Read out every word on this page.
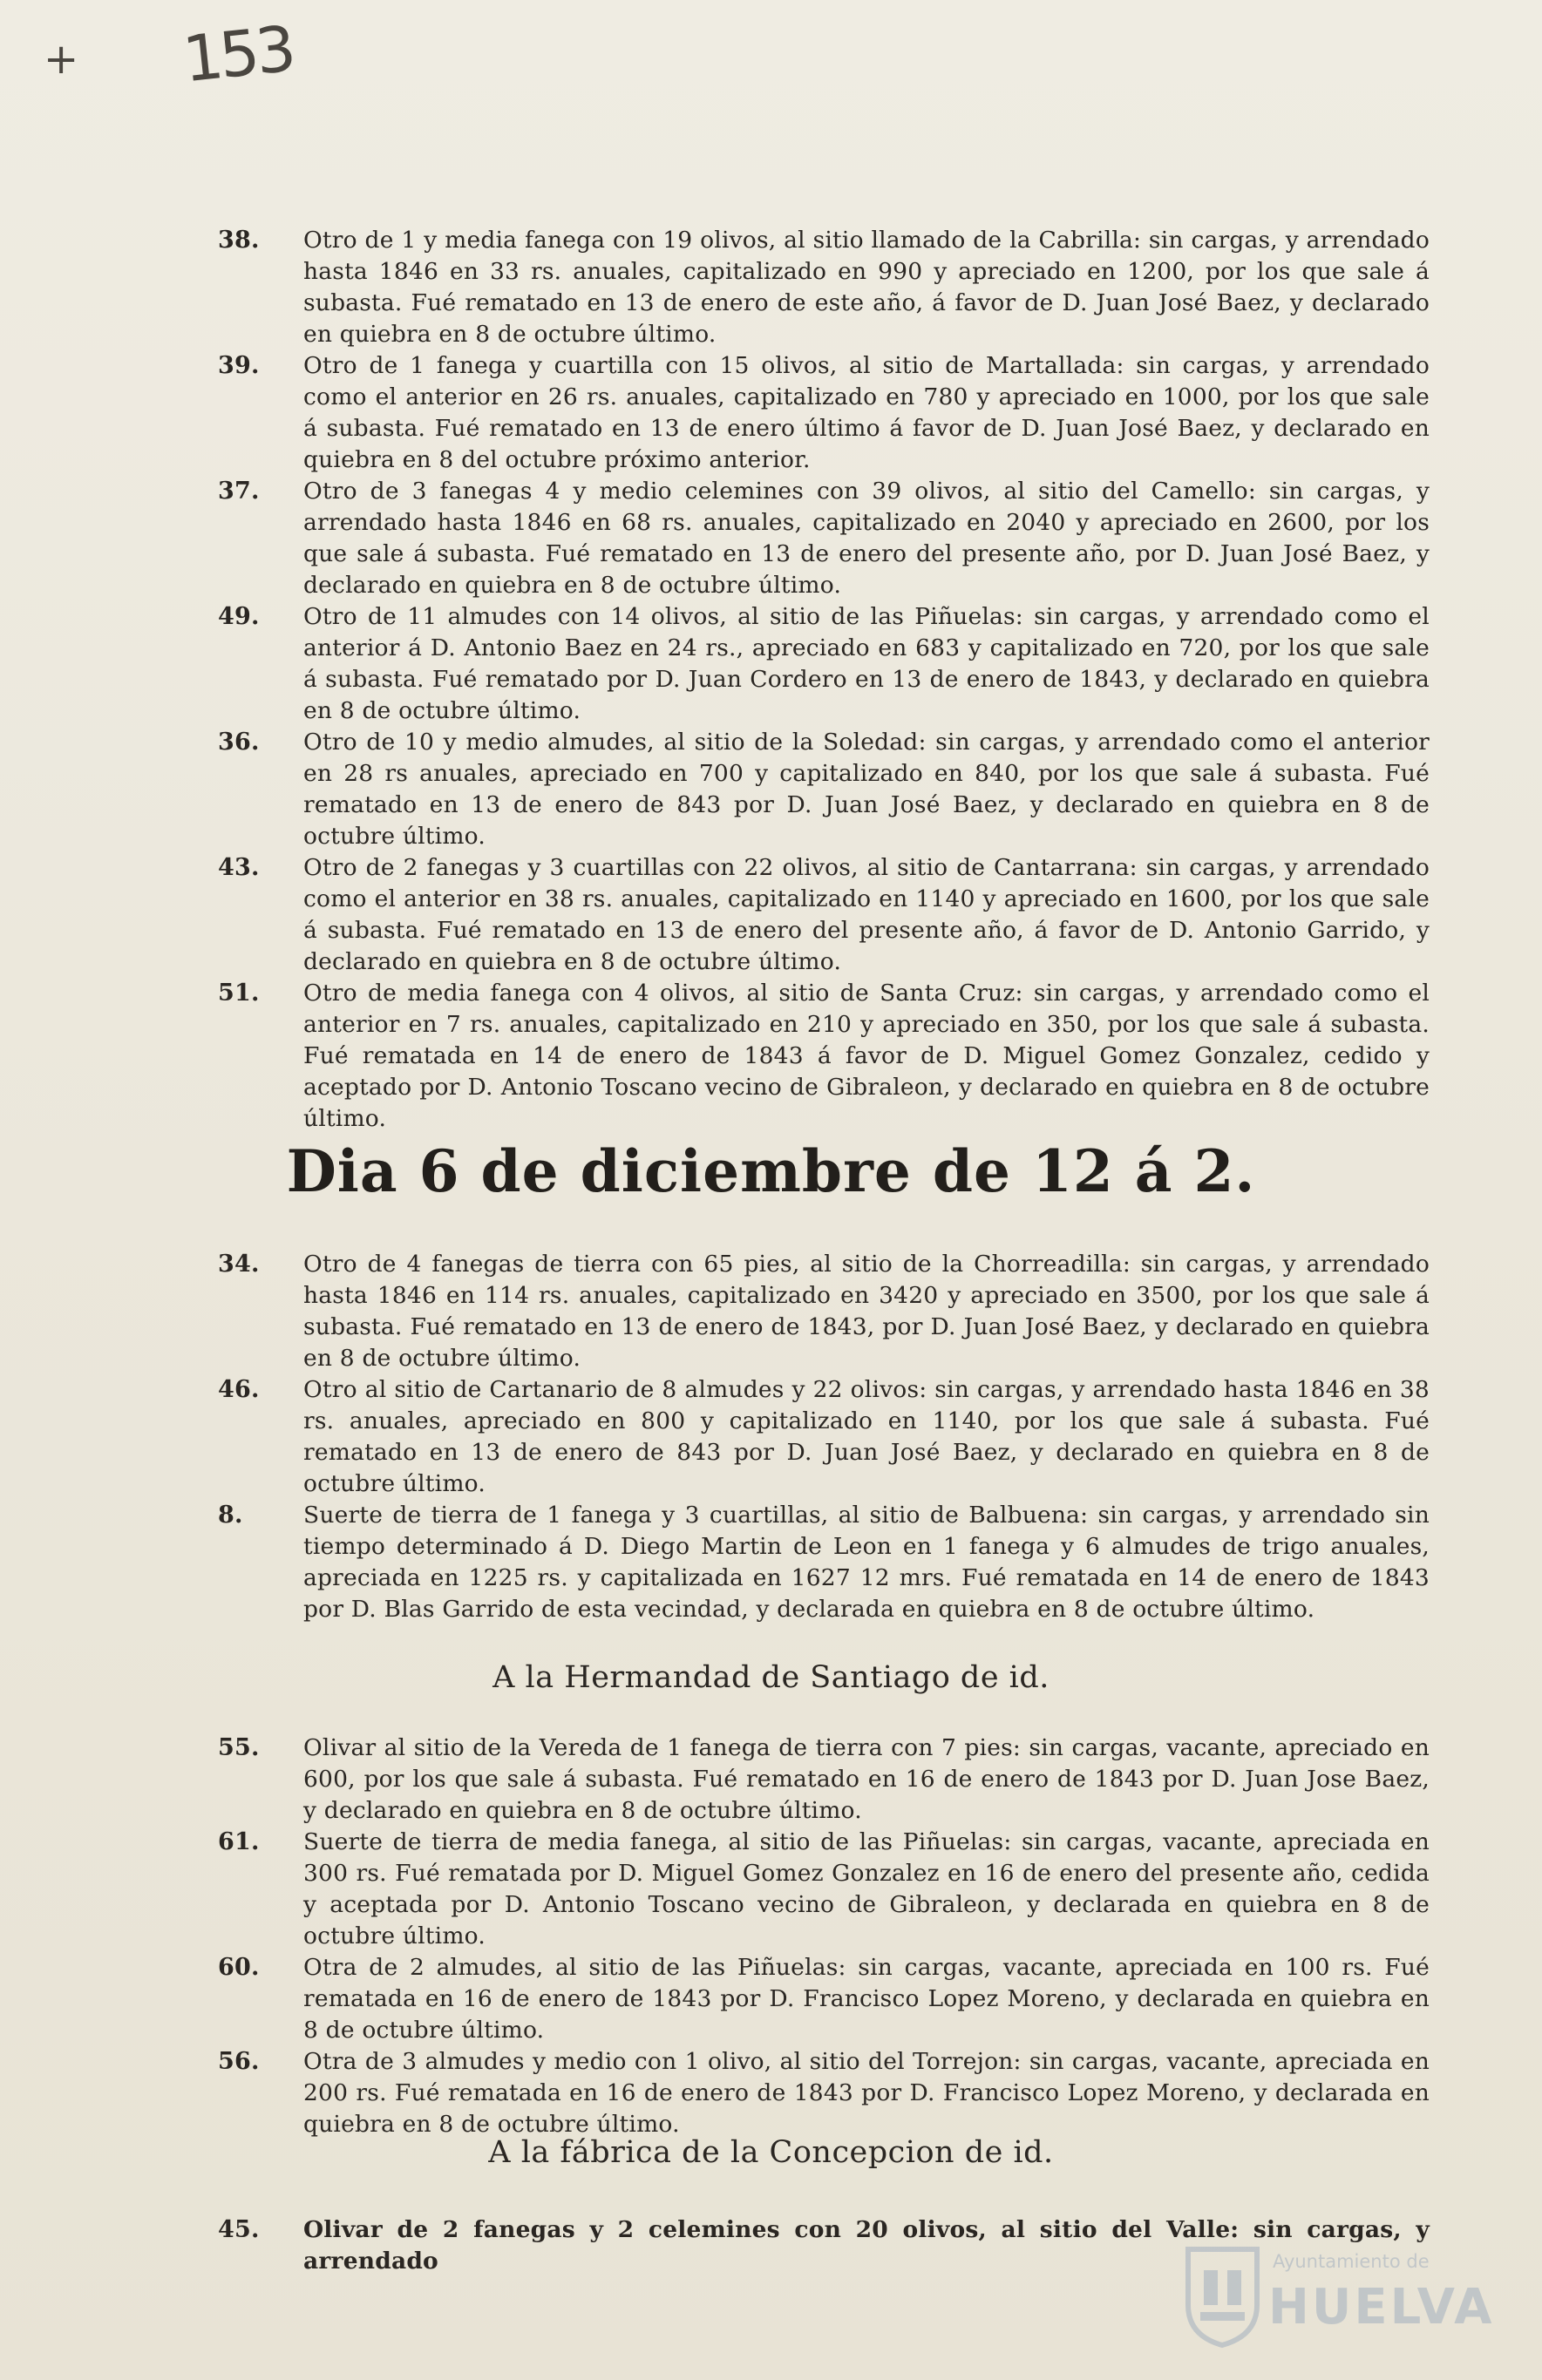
+ 153
38. Otro de 1 y media fanega con 19 olivos, al sitio llamado de la Cabrilla: sin cargas, y arrendado hasta 1846 en 33 rs. anuales, capitalizado en 990 y apreciado en 1200, por los que sale á subasta. Fué rematado en 13 de enero de este año, á favor de D. Juan José Baez, y declarado en quiebra en 8 de octubre último.
39. Otro de 1 fanega y cuartilla con 15 olivos, al sitio de Martallada: sin cargas, y arrendado como el anterior en 26 rs. anuales, capitalizado en 780 y apreciado en 1000, por los que sale á subasta. Fué rematado en 13 de enero último á favor de D. Juan José Baez, y declarado en quiebra en 8 del octubre próximo anterior.
37. Otro de 3 fanegas 4 y medio celemines con 39 olivos, al sitio del Camello: sin cargas, y arrendado hasta 1846 en 68 rs. anuales, capitalizado en 2040 y apreciado en 2600, por los que sale á subasta. Fué rematado en 13 de enero del presente año, por D. Juan José Baez, y declarado en quiebra en 8 de octubre último.
49. Otro de 11 almudes con 14 olivos, al sitio de las Piñuelas: sin cargas, y arrendado como el anterior á D. Antonio Baez en 24 rs., apreciado en 683 y capitalizado en 720, por los que sale á subasta. Fué rematado por D. Juan Cordero en 13 de enero de 1843, y declarado en quiebra en 8 de octubre último.
36. Otro de 10 y medio almudes, al sitio de la Soledad: sin cargas, y arrendado como el anterior en 28 rs anuales, apreciado en 700 y capitalizado en 840, por los que sale á subasta. Fué rematado en 13 de enero de 843 por D. Juan José Baez, y declarado en quiebra en 8 de octubre último.
43. Otro de 2 fanegas y 3 cuartillas con 22 olivos, al sitio de Cantarrana: sin cargas, y arrendado como el anterior en 38 rs. anuales, capitalizado en 1140 y apreciado en 1600, por los que sale á subasta. Fué rematado en 13 de enero del presente año, á favor de D. Antonio Garrido, y declarado en quiebra en 8 de octubre último.
51. Otro de media fanega con 4 olivos, al sitio de Santa Cruz: sin cargas, y arrendado como el anterior en 7 rs. anuales, capitalizado en 210 y apreciado en 350, por los que sale á subasta. Fué rematada en 14 de enero de 1843 á favor de D. Miguel Gomez Gonzalez, cedido y aceptado por D. Antonio Toscano vecino de Gibraleon, y declarado en quiebra en 8 de octubre último.
Dia 6 de diciembre de 12 á 2.
34. Otro de 4 fanegas de tierra con 65 pies, al sitio de la Chorreadilla: sin cargas, y arrendado hasta 1846 en 114 rs. anuales, capitalizado en 3420 y apreciado en 3500, por los que sale á subasta. Fué rematado en 13 de enero de 1843, por D. Juan José Baez, y declarado en quiebra en 8 de octubre último.
46. Otro al sitio de Cartanario de 8 almudes y 22 olivos: sin cargas, y arrendado hasta 1846 en 38 rs. anuales, apreciado en 800 y capitalizado en 1140, por los que sale á subasta. Fué rematado en 13 de enero de 843 por D. Juan José Baez, y declarado en quiebra en 8 de octubre último.
8.	Suerte de tierra de 1 fanega y 3 cuartillas, al sitio de Balbuena: sin cargas, y arrendado sin tiempo determinado á D. Diego Martin de Leon en 1 fanega y 6 almudes de trigo anuales, apreciada en 1225 rs. y capitalizada en 1627 12 mrs. Fué rematada en 14 de enero de 1843 por D. Blas Garrido de esta vecindad, y declarada en quiebra en 8 de octubre último.
A la Hermandad de Santiago de id.
55. Olivar al sitio de la Vereda de 1 fanega de tierra con 7 pies: sin cargas, vacante, apreciado en 600, por los que sale á subasta. Fué rematado en 16 de enero de 1843 por D. Juan Jose Baez, y declarado en quiebra en 8 de octubre último.
61. Suerte de tierra de media fanega, al sitio de las Piñuelas: sin cargas, vacante, apreciada en 300 rs. Fué rematada por D. Miguel Gomez Gonzalez en 16 de enero del presente año, cedida y aceptada por D. Antonio Toscano vecino de Gibraleon, y declarada en quiebra en 8 de octubre último.
60. Otra de 2 almudes, al sitio de las Piñuelas: sin cargas, vacante, apreciada en 100 rs. Fué rematada en 16 de enero de 1843 por D. Francisco Lopez Moreno, y declarada en quiebra en 8 de octubre último.
56. Otra de 3 almudes y medio con 1 olivo, al sitio del Torrejon: sin cargas, vacante, apreciada en 200 rs. Fué rematada en 16 de enero de 1843 por D. Francisco Lopez Moreno, y declarada en quiebra en 8 de octubre último.
A la fábrica de la Concepcion de id.
45. Olivar de 2 fanegas y 2 celemines con 20 olivos, al sitio del Valle: sin cargas, y arrendado	Ayuntamiento de
HUELVA
